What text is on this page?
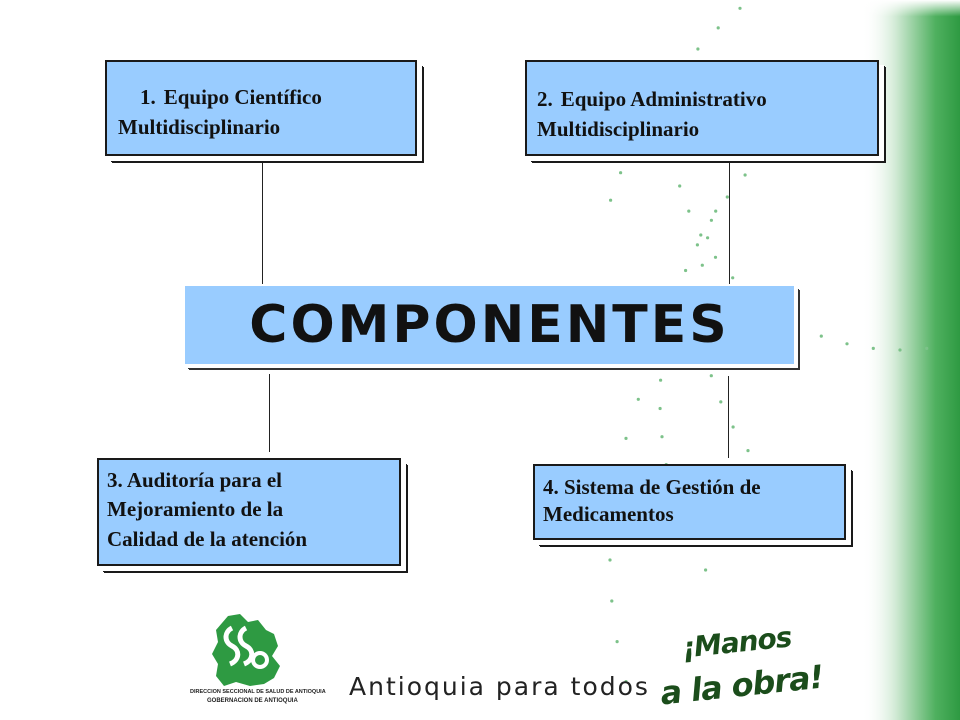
1. Equipo Científico
Multidisciplinario
2. Equipo Administrativo
Multidisciplinario
COMPONENTES
3. Auditoría para el
Mejoramiento de la
Calidad de la atención
4. Sistema de Gestión de
Medicamentos
DIRECCION SECCIONAL DE SALUD DE ANTIOQUIA
GOBERNACION DE ANTIOQUIA Antioquia para todos
¡Manos
a la obra!
